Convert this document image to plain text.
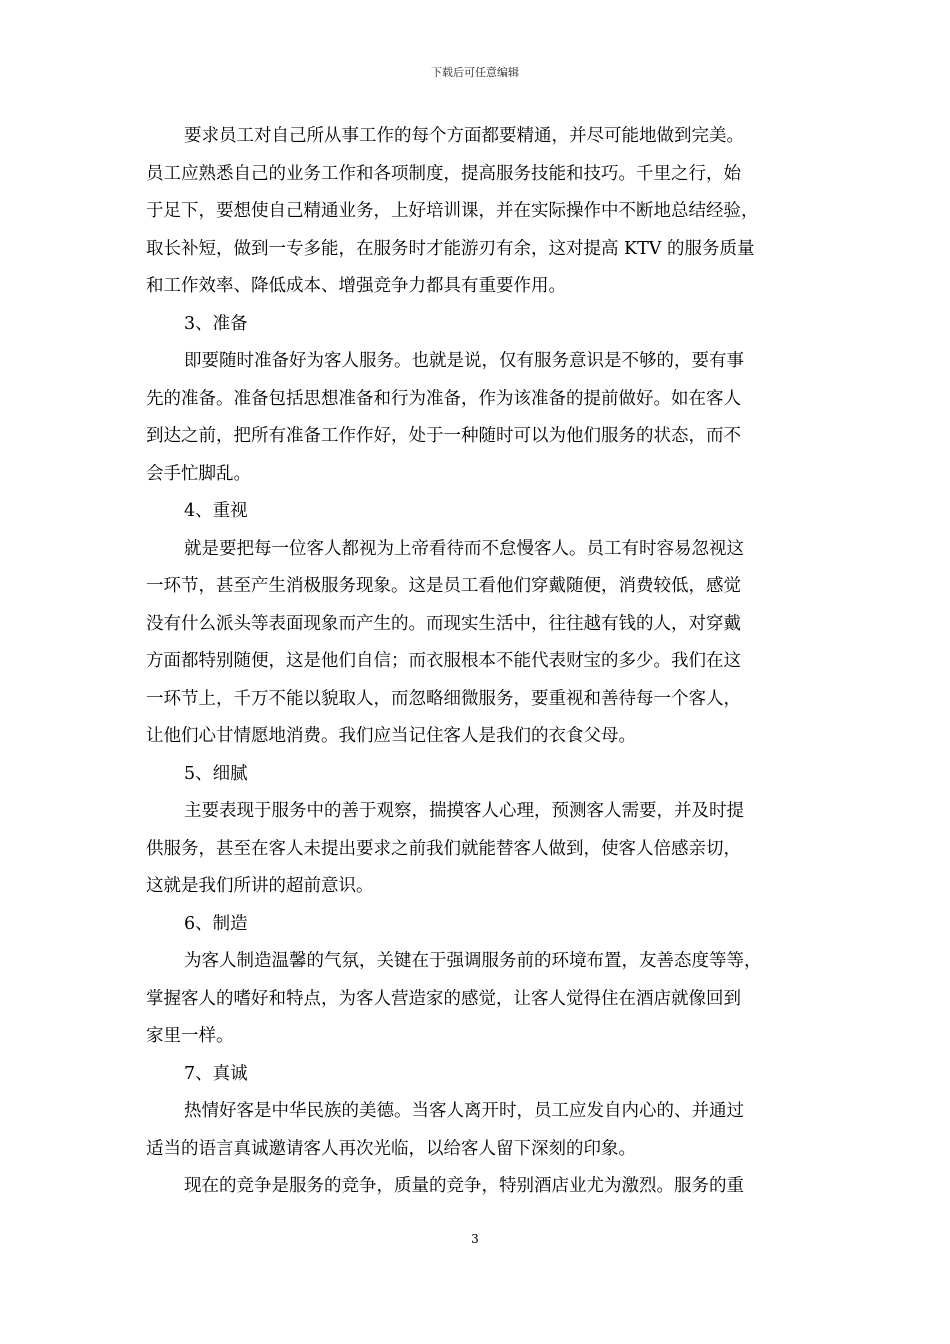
下载后可任意编辑
要求员工对自己所从事工作的每个方面都要精通，并尽可能地做到完美。
员工应熟悉自己的业务工作和各项制度，提高服务技能和技巧。千里之行，始
于足下，要想使自己精通业务，上好培训课，并在实际操作中不断地总结经验，
取长补短，做到一专多能，在服务时才能游刃有余，这对提高 KTV 的服务质量
和工作效率、降低成本、增强竞争力都具有重要作用。
3、准备
即要随时准备好为客人服务。也就是说，仅有服务意识是不够的，要有事
先的准备。准备包括思想准备和行为准备，作为该准备的提前做好。如在客人
到达之前，把所有准备工作作好，处于一种随时可以为他们服务的状态，而不
会手忙脚乱。
4、重视
就是要把每一位客人都视为上帝看待而不怠慢客人。员工有时容易忽视这
一环节，甚至产生消极服务现象。这是员工看他们穿戴随便，消费较低，感觉
没有什么派头等表面现象而产生的。而现实生活中，往往越有钱的人，对穿戴
方面都特别随便，这是他们自信；而衣服根本不能代表财宝的多少。我们在这
一环节上，千万不能以貌取人，而忽略细微服务，要重视和善待每一个客人，
让他们心甘情愿地消费。我们应当记住客人是我们的衣食父母。
5、细腻
主要表现于服务中的善于观察，揣摸客人心理，预测客人需要，并及时提
供服务，甚至在客人未提出要求之前我们就能替客人做到，使客人倍感亲切，
这就是我们所讲的超前意识。
6、制造
为客人制造温馨的气氛，关键在于强调服务前的环境布置，友善态度等等，
掌握客人的嗜好和特点，为客人营造家的感觉，让客人觉得住在酒店就像回到
家里一样。
7、真诚
热情好客是中华民族的美德。当客人离开时，员工应发自内心的、并通过
适当的语言真诚邀请客人再次光临，以给客人留下深刻的印象。
现在的竞争是服务的竞争，质量的竞争，特别酒店业尤为激烈。服务的重
3
